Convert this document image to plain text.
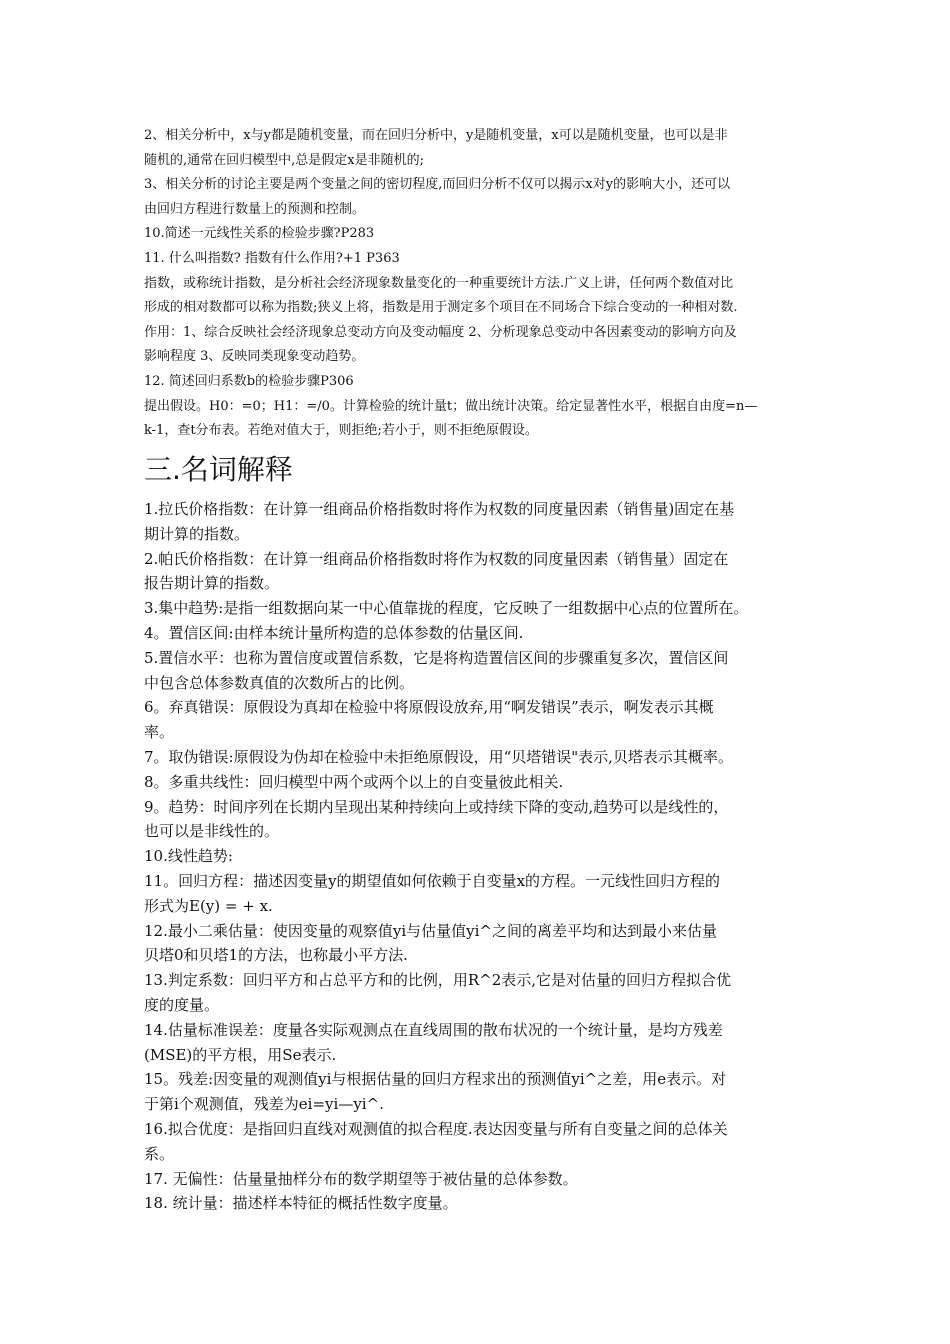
2、相关分析中，x与y都是随机变量，而在回归分析中，y是随机变量，x可以是随机变量，也可以是非

随机的,通常在回归模型中,总是假定x是非随机的;

3、相关分析的讨论主要是两个变量之间的密切程度,而回归分析不仅可以揭示x对y的影响大小，还可以

由回归方程进行数量上的预测和控制。

10.简述一元线性关系的检验步骤?P283

11. 什么叫指数? 指数有什么作用?+1 P363

指数，或称统计指数，是分析社会经济现象数量变化的一种重要统计方法.广义上讲，任何两个数值对比

形成的相对数都可以称为指数;狭义上将，指数是用于测定多个项目在不同场合下综合变动的一种相对数.

作用：1、综合反映社会经济现象总变动方向及变动幅度 2、分析现象总变动中各因素变动的影响方向及

影响程度 3、反映同类现象变动趋势。

12. 简述回归系数b的检验步骤P306

提出假设。H0：=0；H1：=/0。计算检验的统计量t；做出统计决策。给定显著性水平，根据自由度=n—

k-1，查t分布表。若绝对值大于，则拒绝;若小于，则不拒绝原假设。

三.名词解释

1.拉氏价格指数：在计算一组商品价格指数时将作为权数的同度量因素（销售量)固定在基

期计算的指数。

2.帕氏价格指数：在计算一组商品价格指数时将作为权数的同度量因素（销售量）固定在

报告期计算的指数。

3.集中趋势:是指一组数据向某一中心值靠拢的程度，它反映了一组数据中心点的位置所在。

4。置信区间:由样本统计量所构造的总体参数的估量区间.

5.置信水平：也称为置信度或置信系数，它是将构造置信区间的步骤重复多次，置信区间

中包含总体参数真值的次数所占的比例。

6。弃真错误：原假设为真却在检验中将原假设放弃,用“啊发错误”表示，啊发表示其概

率。

7。取伪错误:原假设为伪却在检验中未拒绝原假设，用“贝塔错误"表示,贝塔表示其概率。

8。多重共线性：回归模型中两个或两个以上的自变量彼此相关.

9。趋势：时间序列在长期内呈现出某种持续向上或持续下降的变动,趋势可以是线性的，

也可以是非线性的。

10.线性趋势:

11。回归方程：描述因变量y的期望值如何依赖于自变量x的方程。一元线性回归方程的

形式为E(y) = + x.

12.最小二乘估量：使因变量的观察值yi与估量值yi^之间的离差平均和达到最小来估量

贝塔0和贝塔1的方法，也称最小平方法.

13.判定系数：回归平方和占总平方和的比例，用R^2表示,它是对估量的回归方程拟合优

度的度量。

14.估量标准误差：度量各实际观测点在直线周围的散布状况的一个统计量，是均方残差

(MSE)的平方根，用Se表示.

15。残差:因变量的观测值yi与根据估量的回归方程求出的预测值yi^之差，用e表示。对

于第i个观测值，残差为ei=yi—yi^.

16.拟合优度：是指回归直线对观测值的拟合程度.表达因变量与所有自变量之间的总体关

系。

17. 无偏性：估量量抽样分布的数学期望等于被估量的总体参数。

18. 统计量：描述样本特征的概括性数字度量。
